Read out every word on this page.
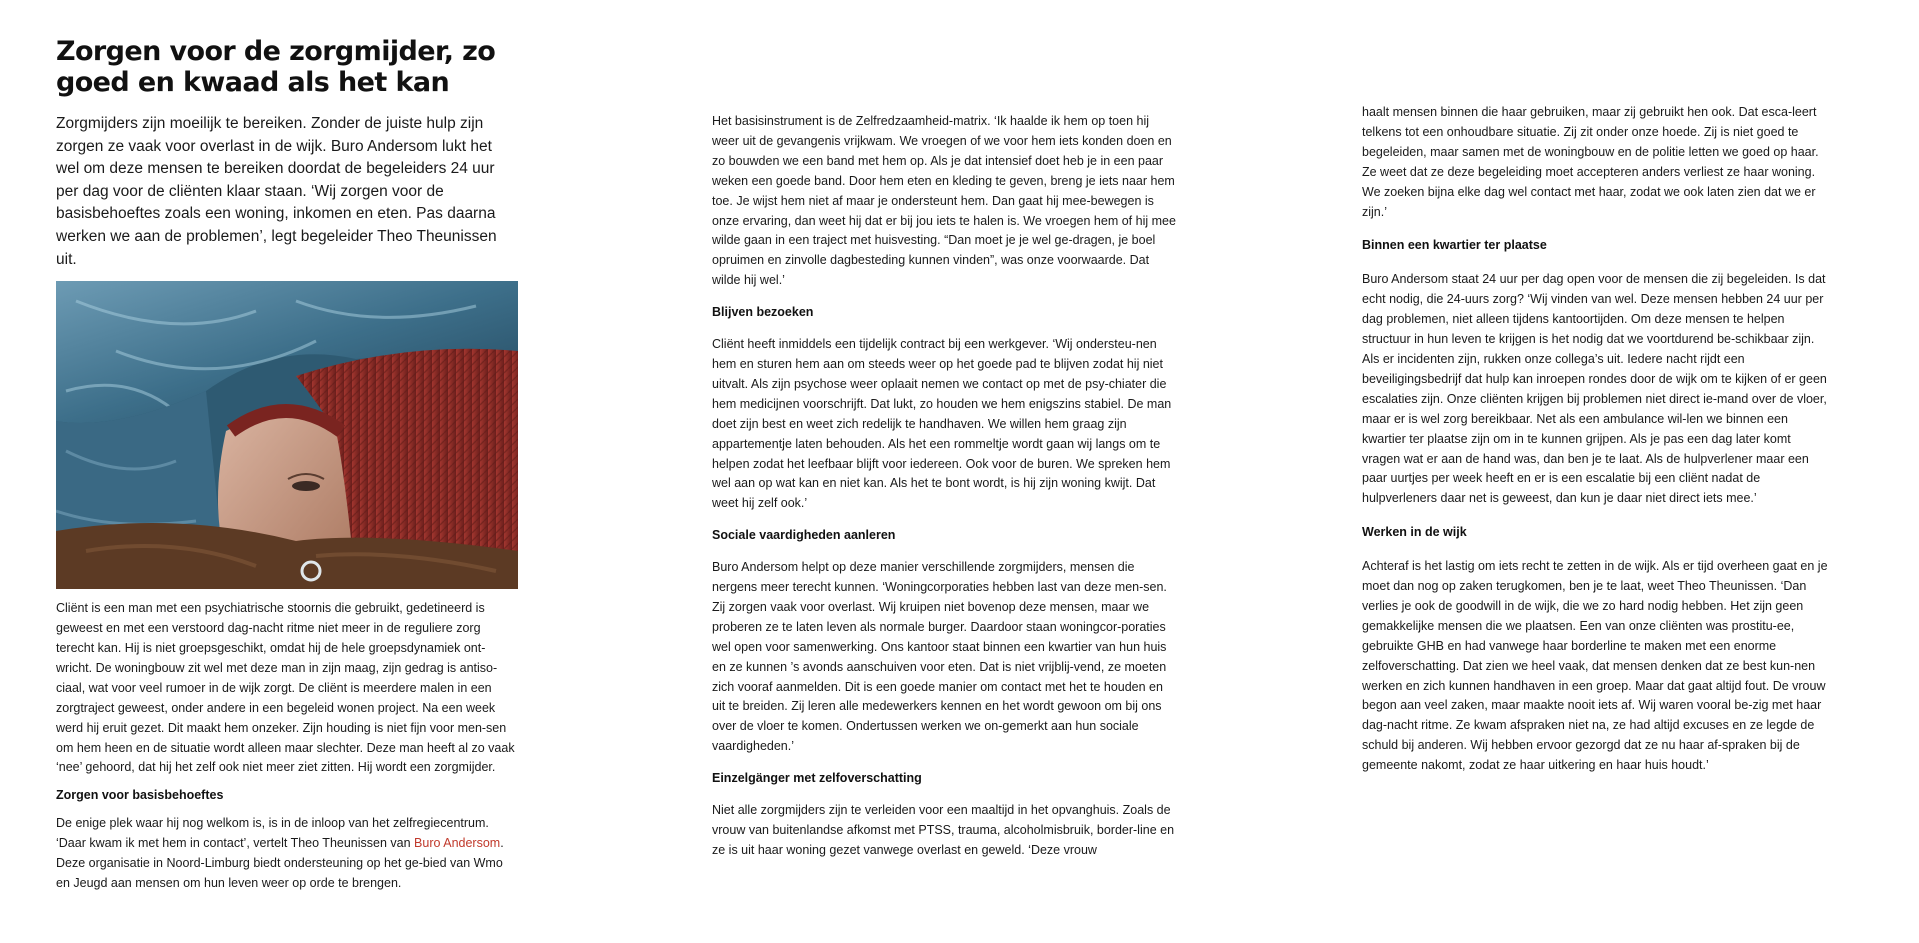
Zorgen voor de zorgmijder, zo goed en kwaad als het kan

Zorgmijders zijn moeilijk te bereiken. Zonder de juiste hulp zijn zorgen ze vaak voor overlast in de wijk. Buro Andersom lukt het wel om deze mensen te bereiken doordat de begeleiders 24 uur per dag voor de cliënten klaar staan. ‘Wij zorgen voor de basisbehoeftes zoals een woning, inkomen en eten. Pas daarna werken we aan de problemen’, legt begeleider Theo Theunissen uit.

Cliënt is een man met een psychiatrische stoornis die gebruikt, gedetineerd is geweest en met een verstoord dag-nacht ritme niet meer in de reguliere zorg terecht kan. Hij is niet groepsgeschikt, omdat hij de hele groepsdynamiek ont-wricht. De woningbouw zit wel met deze man in zijn maag, zijn gedrag is antiso-ciaal, wat voor veel rumoer in de wijk zorgt. De cliënt is meerdere malen in een zorgtraject geweest, onder andere in een begeleid wonen project. Na een week werd hij eruit gezet. Dit maakt hem onzeker. Zijn houding is niet fijn voor men-sen om hem heen en de situatie wordt alleen maar slechter. Deze man heeft al zo vaak ‘nee’ gehoord, dat hij het zelf ook niet meer ziet zitten. Hij wordt een zorgmijder.

Zorgen voor basisbehoeftes

De enige plek waar hij nog welkom is, is in de inloop van het zelfregiecentrum. ‘Daar kwam ik met hem in contact’, vertelt Theo Theunissen van Buro Andersom. Deze organisatie in Noord-Limburg biedt ondersteuning op het ge-bied van Wmo en Jeugd aan mensen om hun leven weer op orde te brengen.

Het basisinstrument is de Zelfredzaamheid-matrix. ‘Ik haalde ik hem op toen hij weer uit de gevangenis vrijkwam. We vroegen of we voor hem iets konden doen en zo bouwden we een band met hem op. Als je dat intensief doet heb je in een paar weken een goede band. Door hem eten en kleding te geven, breng je iets naar hem toe. Je wijst hem niet af maar je ondersteunt hem. Dan gaat hij mee-bewegen is onze ervaring, dan weet hij dat er bij jou iets te halen is. We vroegen hem of hij mee wilde gaan in een traject met huisvesting. “Dan moet je je wel ge-dragen, je boel opruimen en zinvolle dagbesteding kunnen vinden”, was onze voorwaarde. Dat wilde hij wel.’

Blijven bezoeken

Cliënt heeft inmiddels een tijdelijk contract bij een werkgever. ‘Wij ondersteu-nen hem en sturen hem aan om steeds weer op het goede pad te blijven zodat hij niet uitvalt. Als zijn psychose weer oplaait nemen we contact op met de psy-chiater die hem medicijnen voorschrijft. Dat lukt, zo houden we hem enigszins stabiel. De man doet zijn best en weet zich redelijk te handhaven. We willen hem graag zijn appartementje laten behouden. Als het een rommeltje wordt gaan wij langs om te helpen zodat het leefbaar blijft voor iedereen. Ook voor de buren. We spreken hem wel aan op wat kan en niet kan. Als het te bont wordt, is hij zijn woning kwijt. Dat weet hij zelf ook.’

Sociale vaardigheden aanleren

Buro Andersom helpt op deze manier verschillende zorgmijders, mensen die nergens meer terecht kunnen. ‘Woningcorporaties hebben last van deze men-sen. Zij zorgen vaak voor overlast. Wij kruipen niet bovenop deze mensen, maar we proberen ze te laten leven als normale burger. Daardoor staan woningcor-poraties wel open voor samenwerking. Ons kantoor staat binnen een kwartier van hun huis en ze kunnen ’s avonds aanschuiven voor eten. Dat is niet vrijblij-vend, ze moeten zich vooraf aanmelden. Dit is een goede manier om contact met het te houden en uit te breiden. Zij leren alle medewerkers kennen en het wordt gewoon om bij ons over de vloer te komen. Ondertussen werken we on-gemerkt aan hun sociale vaardigheden.’

Einzelgänger met zelfoverschatting

Niet alle zorgmijders zijn te verleiden voor een maaltijd in het opvanghuis. Zoals de vrouw van buitenlandse afkomst met PTSS, trauma, alcoholmisbruik, border-line en ze is uit haar woning gezet vanwege overlast en geweld. ‘Deze vrouw

haalt mensen binnen die haar gebruiken, maar zij gebruikt hen ook. Dat esca-leert telkens tot een onhoudbare situatie. Zij zit onder onze hoede. Zij is niet goed te begeleiden, maar samen met de woningbouw en de politie letten we goed op haar. Ze weet dat ze deze begeleiding moet accepteren anders verliest ze haar woning. We zoeken bijna elke dag wel contact met haar, zodat we ook laten zien dat we er zijn.’

Binnen een kwartier ter plaatse

Buro Andersom staat 24 uur per dag open voor de mensen die zij begeleiden. Is dat echt nodig, die 24-uurs zorg? ‘Wij vinden van wel. Deze mensen hebben 24 uur per dag problemen, niet alleen tijdens kantoortijden. Om deze mensen te helpen structuur in hun leven te krijgen is het nodig dat we voortdurend be-schikbaar zijn. Als er incidenten zijn, rukken onze collega’s uit. Iedere nacht rijdt een beveiligingsbedrijf dat hulp kan inroepen rondes door de wijk om te kijken of er geen escalaties zijn. Onze cliënten krijgen bij problemen niet direct ie-mand over de vloer, maar er is wel zorg bereikbaar. Net als een ambulance wil-len we binnen een kwartier ter plaatse zijn om in te kunnen grijpen. Als je pas een dag later komt vragen wat er aan de hand was, dan ben je te laat. Als de hulpverlener maar een paar uurtjes per week heeft en er is een escalatie bij een cliënt nadat de hulpverleners daar net is geweest, dan kun je daar niet direct iets mee.’

Werken in de wijk

Achteraf is het lastig om iets recht te zetten in de wijk. Als er tijd overheen gaat en je moet dan nog op zaken terugkomen, ben je te laat, weet Theo Theunissen. ‘Dan verlies je ook de goodwill in de wijk, die we zo hard nodig hebben. Het zijn geen gemakkelijke mensen die we plaatsen. Een van onze cliënten was prostitu-ee, gebruikte GHB en had vanwege haar borderline te maken met een enorme zelfoverschatting. Dat zien we heel vaak, dat mensen denken dat ze best kun-nen werken en zich kunnen handhaven in een groep. Maar dat gaat altijd fout. De vrouw begon aan veel zaken, maar maakte nooit iets af. Wij waren vooral be-zig met haar dag-nacht ritme. Ze kwam afspraken niet na, ze had altijd excuses en ze legde de schuld bij anderen. Wij hebben ervoor gezorgd dat ze nu haar af-spraken bij de gemeente nakomt, zodat ze haar uitkering en haar huis houdt.’
